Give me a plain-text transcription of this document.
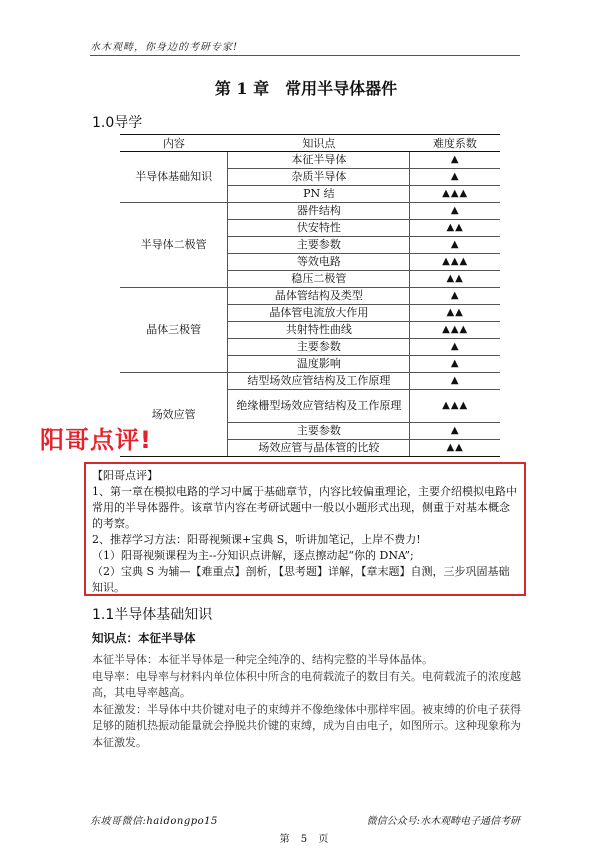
水木观畴，你身边的考研专家!
第 1 章　常用半导体器件
1.0导学
内容	知识点	难度系数
半导体基础知识	本征半导体	▲
	杂质半导体	▲
	PN 结	▲▲▲
半导体二极管	器件结构	▲
	伏安特性	▲▲
	主要参数	▲
	等效电路	▲▲▲
	稳压二极管	▲▲
晶体三极管	晶体管结构及类型	▲
	晶体管电流放大作用	▲▲
	共射特性曲线	▲▲▲
	主要参数	▲
	温度影响	▲
场效应管	结型场效应管结构及工作原理	▲
	绝缘栅型场效应管结构及工作原理	▲▲▲
	主要参数	▲
	场效应管与晶体管的比较	▲▲
阳哥点评!

【阳哥点评】

1、第一章在模拟电路的学习中属于基础章节，内容比较偏重理论，主要介绍模拟电路中常用的半导体器件。该章节内容在考研试题中一般以小题形式出现，侧重于对基本概念的考察。

2、推荐学习方法：阳哥视频课+宝典 S，听讲加笔记，上岸不费力!

（1）阳哥视频课程为主--分知识点讲解，逐点擦动起“你的 DNA”;

（2）宝典 S 为辅—【难重点】剖析，【思考题】详解，【章末题】自测，三步巩固基础知识。

1.1半导体基础知识
知识点：本征半导体

本征半导体：本征半导体是一种完全纯净的、结构完整的半导体晶体。

电导率：电导率与材料内单位体积中所含的电荷载流子的数目有关。电荷载流子的浓度越高，其电导率越高。

本征激发：半导体中共价键对电子的束缚并不像绝缘体中那样牢固。被束缚的价电子获得足够的随机热振动能量就会挣脱共价键的束缚，成为自由电子，如图所示。这种现象称为本征激发。

东坡哥微信:haidongpo15	微信公众号:水木观畴电子通信考研
第 5 页
